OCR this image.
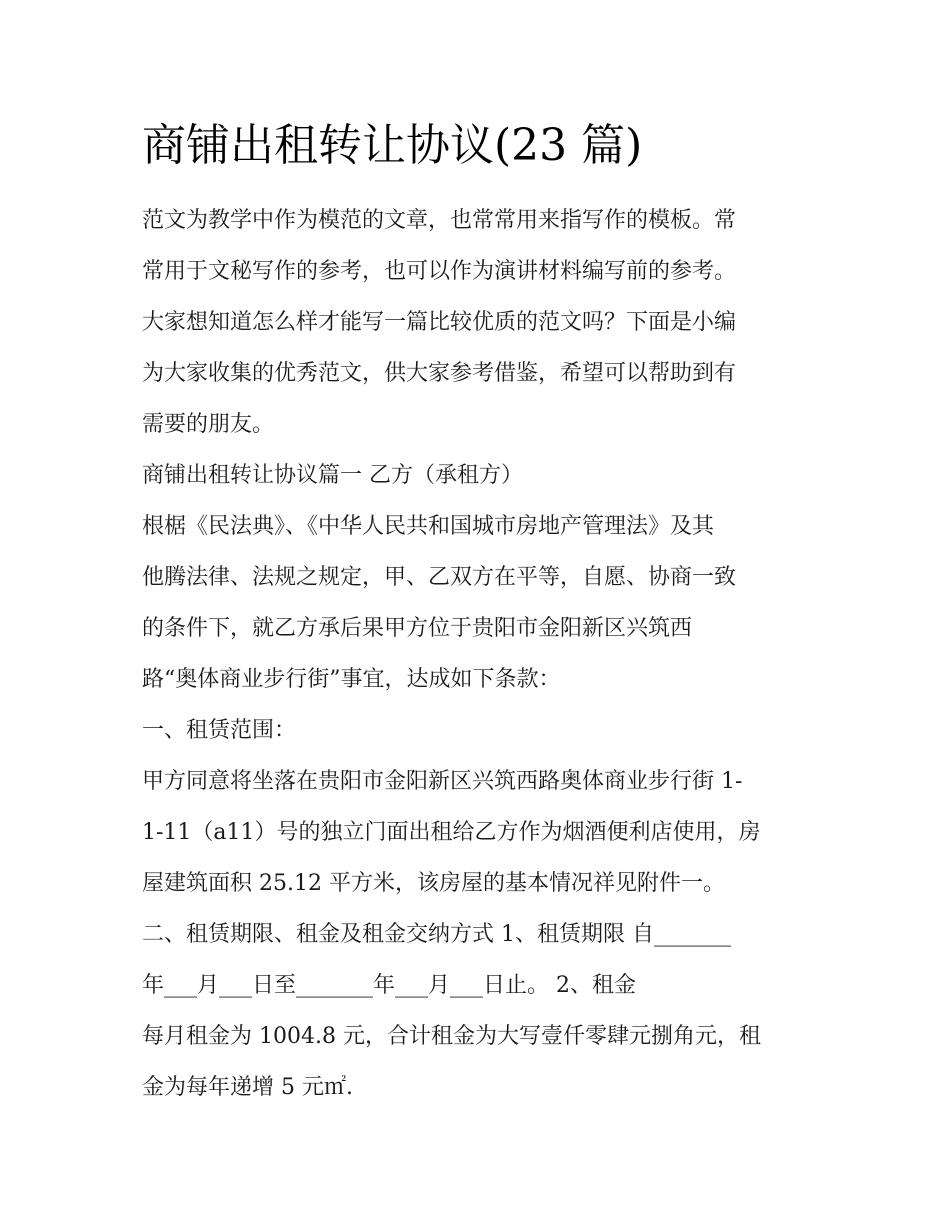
商铺出租转让协议(23 篇)
范文为教学中作为模范的文章，也常常用来指写作的模板。常
常用于文秘写作的参考，也可以作为演讲材料编写前的参考。
大家想知道怎么样才能写一篇比较优质的范文吗？下面是小编
为大家收集的优秀范文，供大家参考借鉴，希望可以帮助到有
需要的朋友。
商铺出租转让协议篇一 乙方（承租方）
根椐《民法典》、《中华人民共和国城市房地产管理法》及其
他腾法律、法规之规定，甲、乙双方在平等，自愿、协商一致
的条件下，就乙方承后果甲方位于贵阳市金阳新区兴筑西
路“奥体商业步行街”事宜，达成如下条款：
一、租赁范围：
甲方同意将坐落在贵阳市金阳新区兴筑西路奥体商业步行街 1-
1-11（a11）号的独立门面出租给乙方作为烟酒便利店使用，房
屋建筑面积 25.12 平方米，该房屋的基本情况祥见附件一。
二、租赁期限、租金及租金交纳方式 1、租赁期限 自_______
年___月___日至_______年___月___日止。 2、租金
每月租金为 1004.8 元，合计租金为大写壹仟零肆元捌角元，租
金为每年递增 5 元㎡.
